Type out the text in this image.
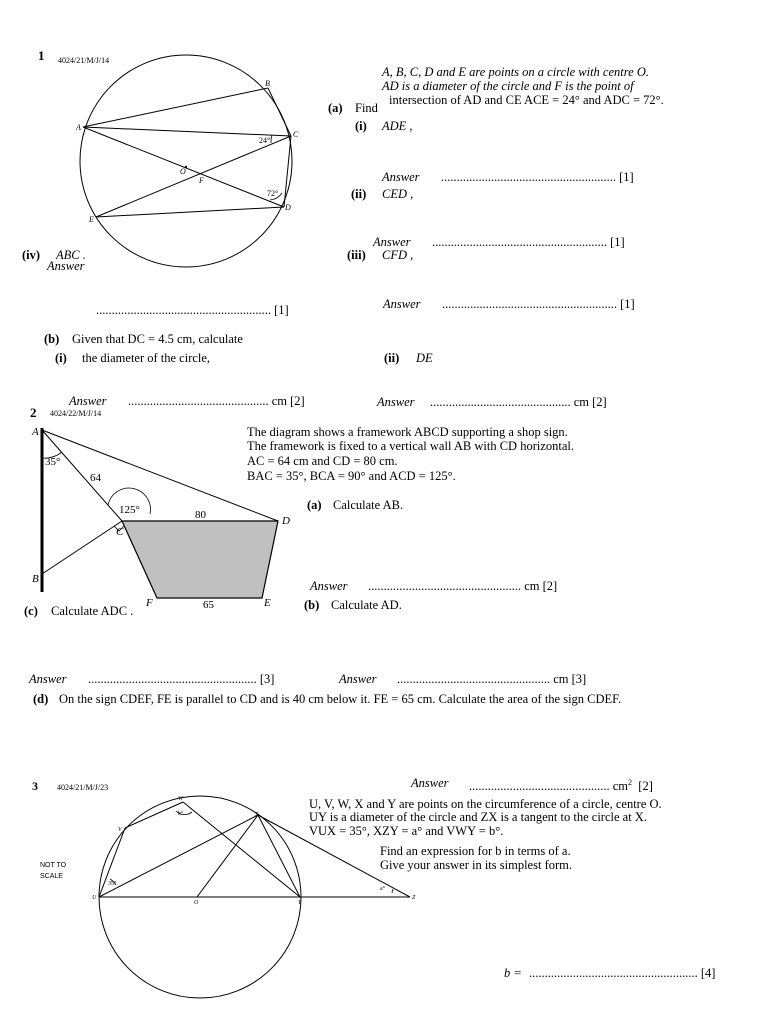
1 4024/21/M/J/14
A
B
C
D
E
F
O
24°
72°
A, B, C, D and E are points on a circle with centre O.
AD is a diameter of the circle and F is the point of
(a) Find
intersection of AD and CE ACE = 24° and ADC = 72°.
(i) ADE ,
Answer ........................................................ [1]
(ii) CED ,
Answer ........................................................ [1]
(iv) ABC .
Answer
(iii) CFD ,
........................................................ [1]	Answer ........................................................ [1]
(b) Given that DC = 4.5 cm, calculate
(i) the diameter of the circle,	(ii) DE
Answer ............................................. cm [2]	Answer ............................................. cm [2]
2 4024/22/M/J/14
A
B
C
D
E
F
35°
125°
64
80
65
The diagram shows a framework ABCD supporting a shop sign.
The framework is fixed to a vertical wall AB with CD horizontal.
AC = 64 cm and CD = 80 cm.
BAC = 35°, BCA = 90° and ACD = 125°.
(a) Calculate AB.
Answer ................................................. cm [2]
(c) Calculate ADC .	(b) Calculate AD.
Answer ...................................................... [3]	Answer ................................................. cm [3]
(d) On the sign CDEF, FE is parallel to CD and is 40 cm below it. FE = 65 cm. Calculate the area of the sign CDEF.
Answer ............................................. $cm^2$ [2]
3 4024/21/M/J/23
U
V
W
X
Y
Z
O
35°
b°
a°
NOT TO
SCALE
U, V, W, X and Y are points on the circumference of a circle, centre O.
UY is a diameter of the circle and ZX is a tangent to the circle at X.
VUX = 35°, XZY = a° and VWY = b°.
Find an expression for b in terms of a.
Give your answer in its simplest form.
b = ...................................................... [4]
